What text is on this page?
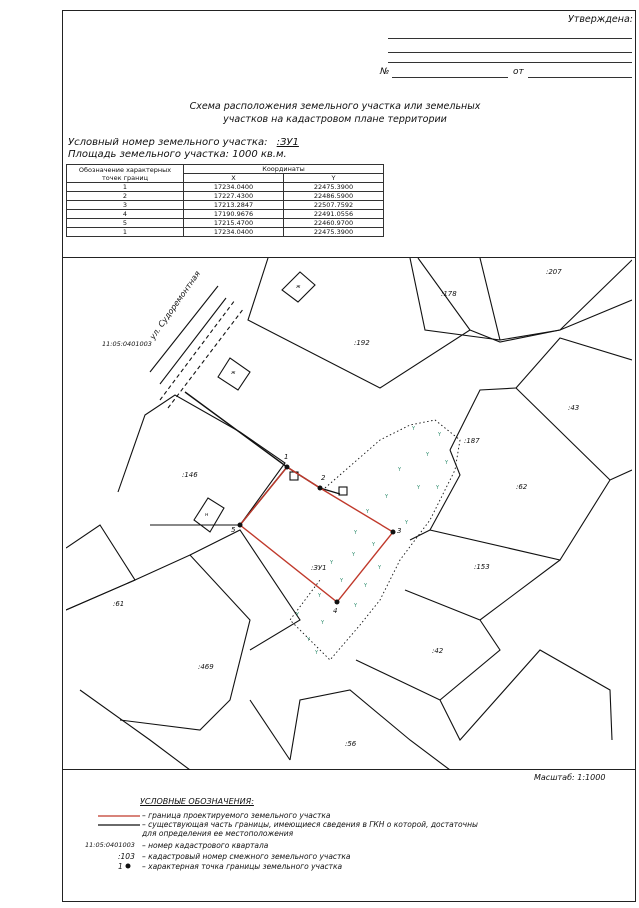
Утверждена:
№	от
Схема расположения земельного участка или земельных
участков на кадастровом плане территории
Условный номер земельного участка: :ЗУ1
Площадь земельного участка: 1000 кв.м.
Обозначение характерных точек границ	Координаты	
	X	Y
1	17234.0400	22475.3900
2	17227.4300	22486.5900
3	17213.2847	22507.7592
4	17190.9676	22491.0556
5	17215.4700	22460.9700
1	17234.0400	22475.3900
:207
:178
:192
:43
:187
:146
:62
:153
:61
:469
:42
:56
:ЗУ1
11:05:0401003
ул. Судоремонтная	ж
ж
н
1
2
3
4
5
Y
Y
Y
Y
Y
Y	Y
Y
Y
Y
Y
Y
Y
Y
Y
Y
Y
Y
Y
Y
Y
Y
Y
Масштаб: 1:1000
УСЛОВНЫЕ ОБОЗНАЧЕНИЯ:
– граница проектируемого земельного участка
– существующая часть границы, имеющиеся сведения в ГКН о которой, достаточны
для определения ее местоположения
11:05:0401003 – номер кадастрового квартала
:103 – кадастровый номер смежного земельного участка
1	– характерная точка границы земельного участка
